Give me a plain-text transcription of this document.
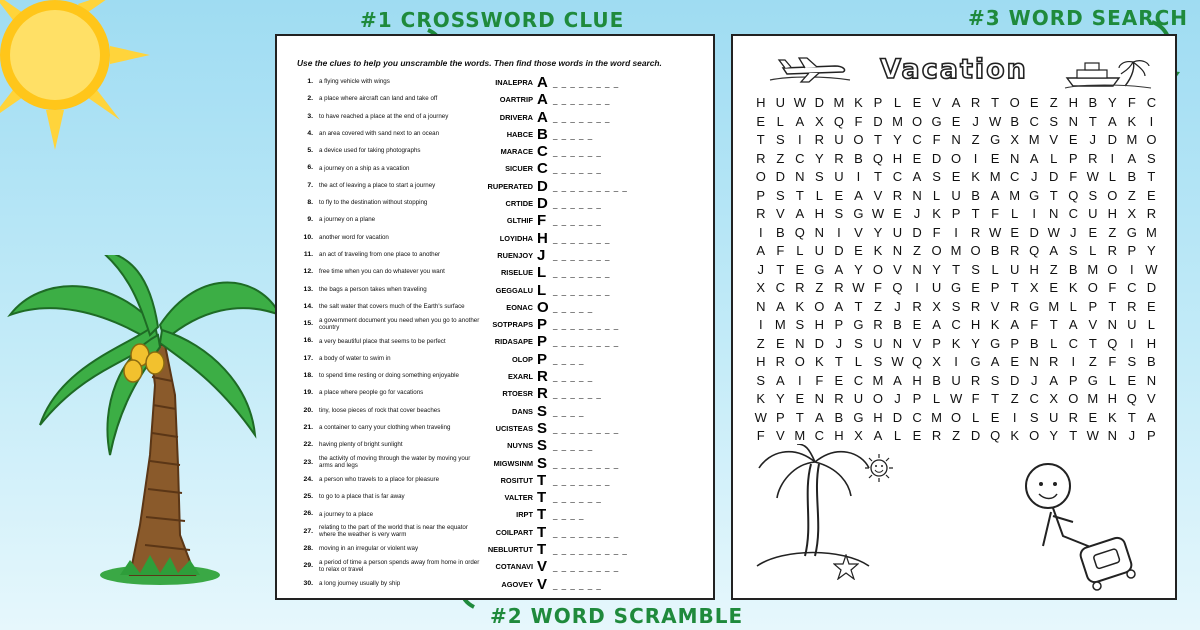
#1 CROSSWORD CLUE
#2 WORD SCRAMBLE
#3 WORD SEARCH
Use the clues to help you unscramble the words. Then find those words in the word search.
1. a flying vehicle with wings	INALEPRA A _ _ _ _ _ _ _ _
2. a place where aircraft can land and take off	OARTRIP A _ _ _ _ _ _ _
3. to have reached a place at the end of a journey	DRIVERA A _ _ _ _ _ _ _
4. an area covered with sand next to an ocean	HABCE B _ _ _ _ _
5. a device used for taking photographs	MARACE C _ _ _ _ _ _
6. a journey on a ship as a vacation	SICUER C _ _ _ _ _ _
7. the act of leaving a place to start a journey	RUPERATED D _ _ _ _ _ _ _ _ _
8. to fly to the destination without stopping	CRTIDE D _ _ _ _ _ _
9. a journey on a plane	GLTHIF F _ _ _ _ _ _
10. another word for vacation	LOYIDHA H _ _ _ _ _ _ _
11. an act of traveling from one place to another	RUENJOY J _ _ _ _ _ _ _
12. free time when you can do whatever you want	RISELUE L _ _ _ _ _ _ _
13. the bags a person takes when traveling	GEGGALU L _ _ _ _ _ _ _
14. the salt water that covers much of the Earth's surface	EONAC O _ _ _ _ _
15. a government document you need when you go to another country	SOTPRAPS P _ _ _ _ _ _ _ _
16. a very beautiful place that seems to be perfect	RIDASAPE P _ _ _ _ _ _ _ _
17. a body of water to swim in	OLOP P _ _ _ _
18. to spend time resting or doing something enjoyable	EXARL R _ _ _ _ _
19. a place where people go for vacations	RTOESR R _ _ _ _ _ _
20. tiny, loose pieces of rock that cover beaches	DANS S _ _ _ _
21. a container to carry your clothing when traveling	UCISTEAS S _ _ _ _ _ _ _ _
22. having plenty of bright sunlight	NUYNS S _ _ _ _ _
23. the activity of moving through the water by moving your arms and legs	MIGWSINM S _ _ _ _ _ _ _ _
24. a person who travels to a place for pleasure	ROSITUT T _ _ _ _ _ _ _
25. to go to a place that is far away	VALTER T _ _ _ _ _ _
26. a journey to a place	IRPT T _ _ _ _
27. relating to the part of the world that is near the equator where the weather is very warm	COILPART T _ _ _ _ _ _ _ _
28. moving in an irregular or violent way	NEBLURTUT T _ _ _ _ _ _ _ _ _
29. a period of time a person spends away from home in order to relax or travel	COTANAVI V _ _ _ _ _ _ _ _
30. a long journey usually by ship	AGOVEY V _ _ _ _ _ _
Vacation
H U W D M K P L E V A R T O E Z H B Y F C
E L A X Q F D M O G E J W B C S N T A K	I
T S	I	R U O T Y C F N Z G X M V E J D M O
R Z C Y R B Q H E D O I	E N A L P R	I	A S
O D N S U	I	T C A S E K M C J D F W L B T
P S T L E A V R N L U B A M G T Q S O Z E
R V A H S G W E J K P T F L	I	N C U H X R
I	B Q N	I	V Y U D F	I	R W E D W J E Z G M
A F L U D E K N Z O M O B R Q A S L R P Y
J T E G A Y O V N Y T S L U H Z B M O I W
X C R Z R W F Q I	U G E P T X E K O F C D
N A K O A T Z J R X S R V R G M L P T R E
I M S H P G R B E A C H K A F T A V N U L
Z E N D J S U N V P K Y G P B L C T Q I	H
H R O K T L S W Q X	I G A E N R	I	Z F S B
S A	I	F E C M A H B U R S D J A P G L E N
K Y E N R U O J P L W F T Z C X O M H Q V
W P T A B G H D C M O L E	I	S U R E K T A
F V M C H X A L E R Z D Q K O Y T W N J P
